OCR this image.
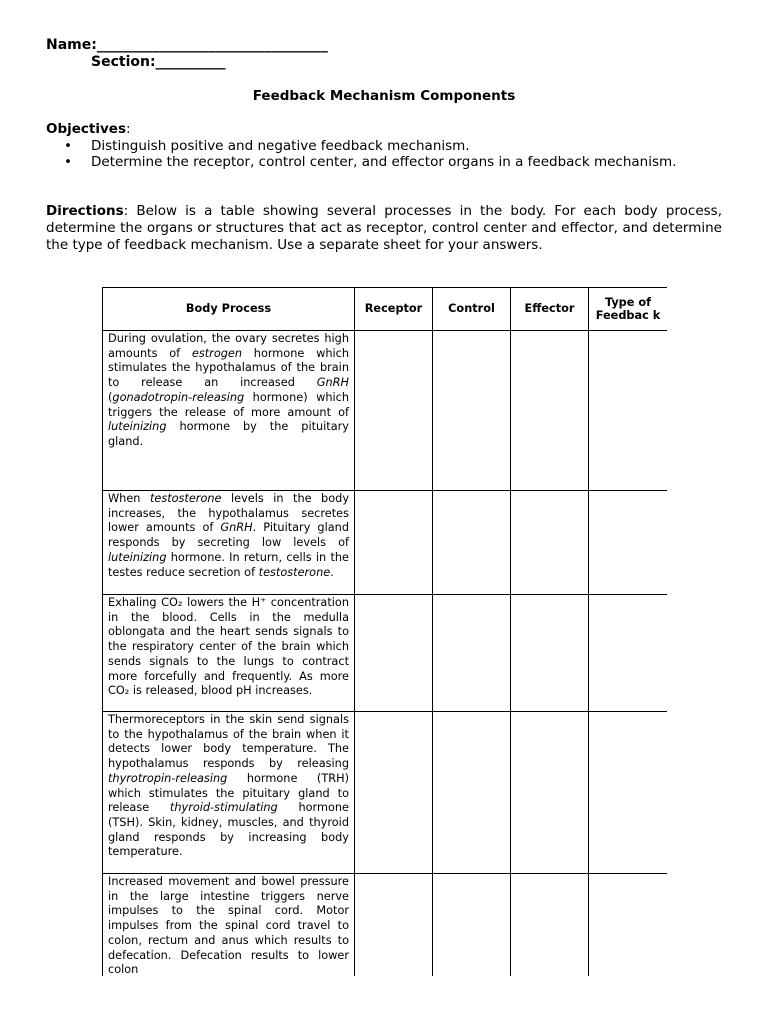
Name:_________________________________
Section:__________
Feedback Mechanism Components
Objectives:
• Distinguish positive and negative feedback mechanism.
• Determine the receptor, control center, and effector organs in a feedback mechanism.
Directions: Below is a table showing several processes in the body. For each body process, determine the organs or structures that act as receptor, control center and effector, and determine the type of feedback mechanism. Use a separate sheet for your answers.
Body Process	Receptor	Control	Effector	Type of Feedbac k
During ovulation, the ovary secretes high amounts of estrogen hormone which stimulates the hypothalamus of the brain to release an increased GnRH (gonadotropin-releasing hormone) which triggers the release of more amount of luteinizing hormone by the pituitary gland.				
When testosterone levels in the body increases, the hypothalamus secretes lower amounts of GnRH. Pituitary gland responds by secreting low levels of luteinizing hormone. In return, cells in the testes reduce secretion of testosterone.				
Exhaling CO₂ lowers the H⁺ concentration in the blood. Cells in the medulla oblongata and the heart sends signals to the respiratory center of the brain which sends signals to the lungs to contract more forcefully and frequently. As more CO₂ is released, blood pH increases.				
Thermoreceptors in the skin send signals to the hypothalamus of the brain when it detects lower body temperature. The hypothalamus responds by releasing thyrotropin-releasing hormone (TRH) which stimulates the pituitary gland to release thyroid-stimulating hormone (TSH). Skin, kidney, muscles, and thyroid gland responds by increasing body temperature.				
Increased movement and bowel pressure in the large intestine triggers nerve impulses to the spinal cord. Motor impulses from the spinal cord travel to colon, rectum and anus which results to defecation. Defecation results to lower colon				
